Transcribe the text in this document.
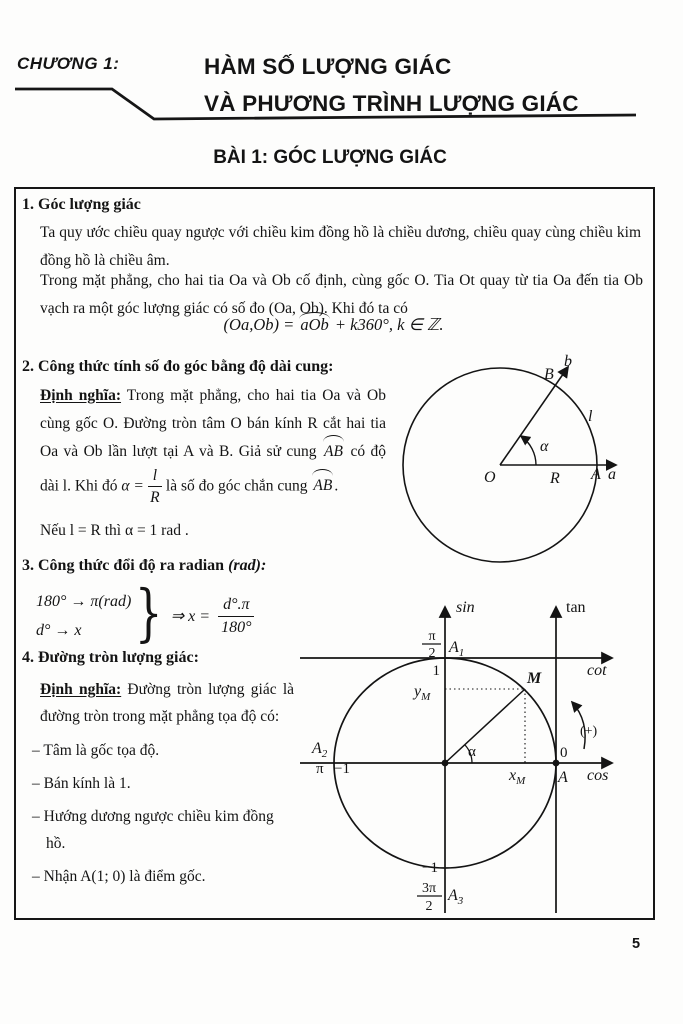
CHƯƠNG 1:	HÀM SỐ LƯỢNG GIÁC
VÀ PHƯƠNG TRÌNH LƯỢNG GIÁC
BÀI 1: GÓC LƯỢNG GIÁC
1. Góc lượng giác
Ta quy ước chiều quay ngược với chiều kim đồng hồ là chiều dương, chiều quay cùng chiều kim đồng hồ là chiều âm.
Trong mặt phẳng, cho hai tia Oa và Ob cố định, cùng gốc O. Tia Ot quay từ tia Oa đến tia Ob vạch ra một góc lượng giác có số đo (Oa, Ob). Khi đó ta có
(Oa,Ob) = aOb + k360°, k ∈ ℤ.
2. Công thức tính số đo góc bằng độ dài cung:
Định nghĩa: Trong mặt phẳng, cho hai tia Oa và Ob cùng gốc O. Đường tròn tâm O bán kính R cắt hai tia Oa và Ob lần lượt tại A và B. Giả sử cung AB có độ dài l. Khi đó $\alpha = \frac{l}{R}$ là số đo góc chắn cung AB .
Nếu l = R thì α = 1 rad .
O	R A a
B
b
l
α
3. Công thức đổi độ ra radian (rad):
180° → π(rad)
d° → x } ⇒ $x = \frac{d^\circ.\pi}{180^\circ}$
4. Đường tròn lượng giác:

Định nghĩa: Đường tròn lượng giác là đường tròn trong mặt phẳng tọa độ có:

– Tâm là gốc tọa độ.
– Bán kính là 1.
– Hướng dương ngược chiều kim đồng hồ.
– Nhận A(1; 0) là điểm gốc.
sin	tan
cot
cos
π
2 $A_1$
1
$y_M$
M
$A_2$
π −1
α
$x_M$
0
A
(+)
−1
3π
2
$A_3$
5
